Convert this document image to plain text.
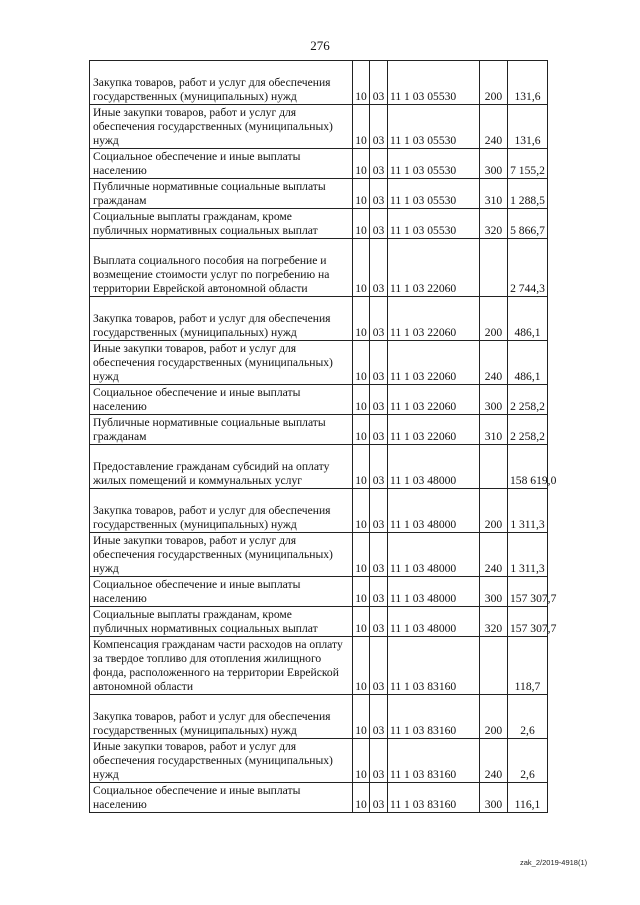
276
Закупка товаров, работ и услуг для обеспечения государственных (муниципальных) нужд	10	03	11 1 03 05530	200	131,6
Иные закупки товаров, работ и услуг для обеспечения государственных (муниципальных) нужд	10	03	11 1 03 05530	240	131,6
Социальное обеспечение и иные выплаты населению	10	03	11 1 03 05530	300	7 155,2
Публичные нормативные социальные выплаты гражданам	10	03	11 1 03 05530	310	1 288,5
Социальные выплаты гражданам, кроме публичных нормативных социальных выплат	10	03	11 1 03 05530	320	5 866,7
Выплата социального пособия на погребение и возмещение стоимости услуг по погребению на территории Еврейской автономной области	10	03	11 1 03 22060		2 744,3
Закупка товаров, работ и услуг для обеспечения государственных (муниципальных) нужд	10	03	11 1 03 22060	200	486,1
Иные закупки товаров, работ и услуг для обеспечения государственных (муниципальных) нужд	10	03	11 1 03 22060	240	486,1
Социальное обеспечение и иные выплаты населению	10	03	11 1 03 22060	300	2 258,2
Публичные нормативные социальные выплаты гражданам	10	03	11 1 03 22060	310	2 258,2
Предоставление гражданам субсидий на оплату жилых помещений и коммунальных услуг	10	03	11 1 03 48000		158 619,0
Закупка товаров, работ и услуг для обеспечения государственных (муниципальных) нужд	10	03	11 1 03 48000	200	1 311,3
Иные закупки товаров, работ и услуг для обеспечения государственных (муниципальных) нужд	10	03	11 1 03 48000	240	1 311,3
Социальное обеспечение и иные выплаты населению	10	03	11 1 03 48000	300	157 307,7
Социальные выплаты гражданам, кроме публичных нормативных социальных выплат	10	03	11 1 03 48000	320	157 307,7
Компенсация гражданам части расходов на оплату за твердое топливо для отопления жилищного фонда, расположенного на территории Еврейской автономной области	10	03	11 1 03 83160		118,7
Закупка товаров, работ и услуг для обеспечения государственных (муниципальных) нужд	10	03	11 1 03 83160	200	2,6
Иные закупки товаров, работ и услуг для обеспечения государственных (муниципальных) нужд	10	03	11 1 03 83160	240	2,6
Социальное обеспечение и иные выплаты населению	10	03	11 1 03 83160	300	116,1
zak_2/2019-4918(1)
